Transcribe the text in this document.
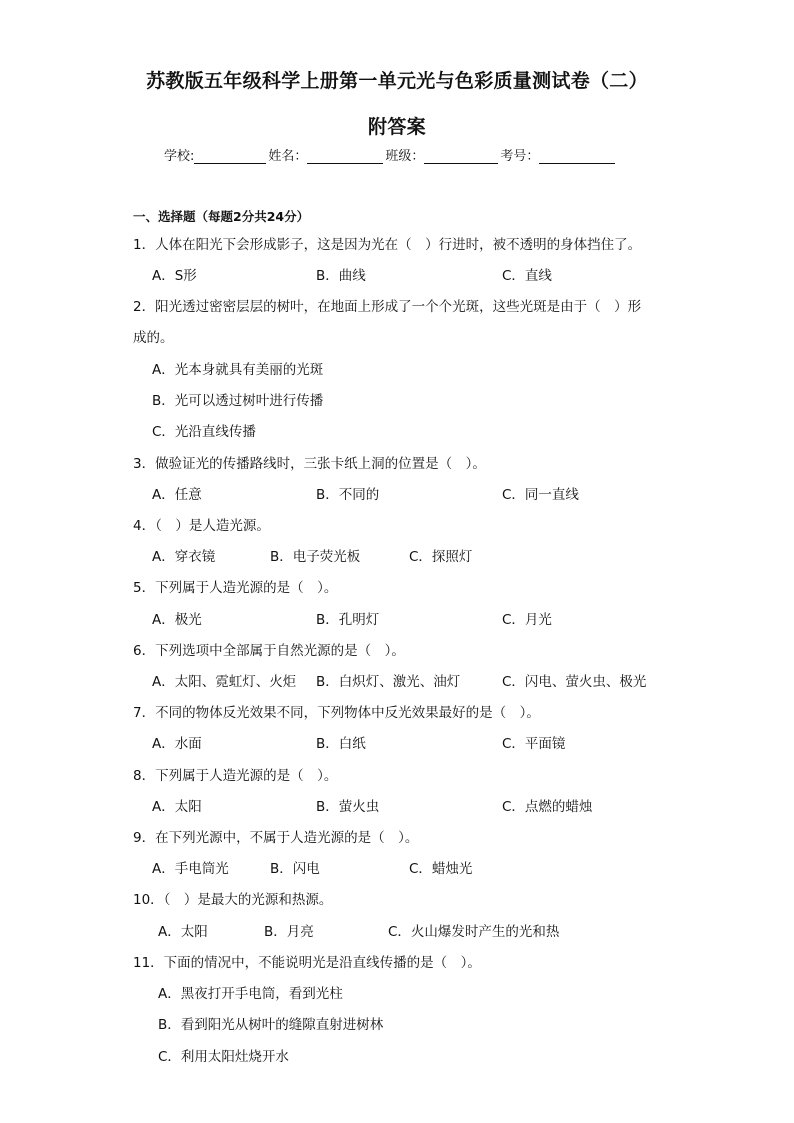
苏教版五年级科学上册第一单元光与色彩质量测试卷（二）
附答案
学校:	姓名：	班级：	考号：
一、选择题（每题2分共24分）
1．人体在阳光下会形成影子，这是因为光在（　）行进时，被不透明的身体挡住了。
A．S形	B．曲线	C．直线
2．阳光透过密密层层的树叶，在地面上形成了一个个光斑，这些光斑是由于（　）形
成的。
A．光本身就具有美丽的光斑
B．光可以透过树叶进行传播
C．光沿直线传播
3．做验证光的传播路线时，三张卡纸上洞的位置是（　）。
A．任意	B．不同的	C．同一直线
4．（　）是人造光源。
A．穿衣镜	B．电子荧光板	C．探照灯
5．下列属于人造光源的是（　）。
A．极光	B．孔明灯	C．月光
6．下列选项中全部属于自然光源的是（　）。
A．太阳、霓虹灯、火炬 B．白炽灯、激光、油灯	C．闪电、萤火虫、极光
7．不同的物体反光效果不同，下列物体中反光效果最好的是（　）。
A．水面	B．白纸	C．平面镜
8．下列属于人造光源的是（　）。
A．太阳	B．萤火虫	C．点燃的蜡烛
9．在下列光源中，不属于人造光源的是（　）。
A．手电筒光	B．闪电	C．蜡烛光
10．（　）是最大的光源和热源。
A．太阳	B．月亮	C．火山爆发时产生的光和热
11．下面的情况中，不能说明光是沿直线传播的是（　）。
A．黑夜打开手电筒，看到光柱
B．看到阳光从树叶的缝隙直射进树林
C．利用太阳灶烧开水
